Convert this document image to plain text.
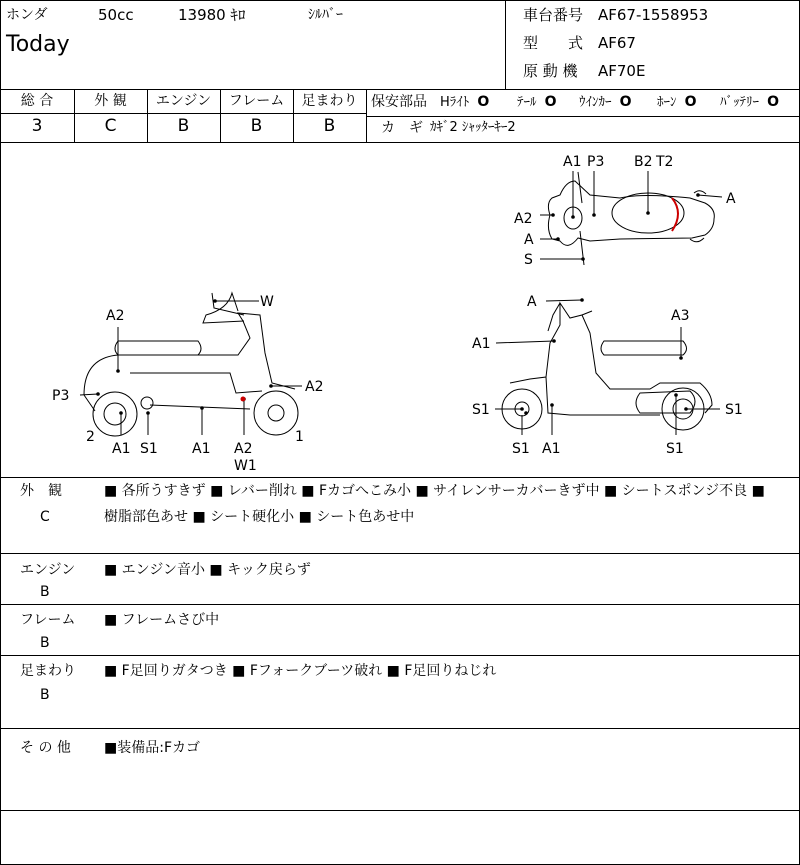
ホンダ	50cc	13980 ｷﾛ	ｼﾙﾊﾞｰ
Today
車台番号 AF67-1558953
型　　式 AF67
原 動 機 AF70E
総 合	外 観	エンジン	フレーム	足まわり
3	C	B	B	B
保安部品 Hﾗｲﾄ O ﾃｰﾙ O ｳｲﾝｶｰ O ﾎｰﾝ O ﾊﾞｯﾃﾘｰ O
カ　ギ ｶｷﾞ2 ｼｬｯﾀｰｷｰ2
A1 P3 B2 T2
A
A2
A
S
W
A2
P3
A2
2
A1 S1 A1 A2
W1
1
A
A3
A1
S1	S1
S1 A1	S1
外　観
C
■ 各所うすきず ■ レバー削れ ■ Fカゴへこみ小 ■ サイレンサーカバーきず中 ■ シートスポンジ不良 ■
樹脂部色あせ ■ シート硬化小 ■ シート色あせ中
エンジン
B
■ エンジン音小 ■ キック戻らず
フレーム
B
■ フレームさび中
足まわり
B
■ F足回りガタつき ■ Fフォークブーツ破れ ■ F足回りねじれ
そ の 他 ■装備品:Fカゴ
